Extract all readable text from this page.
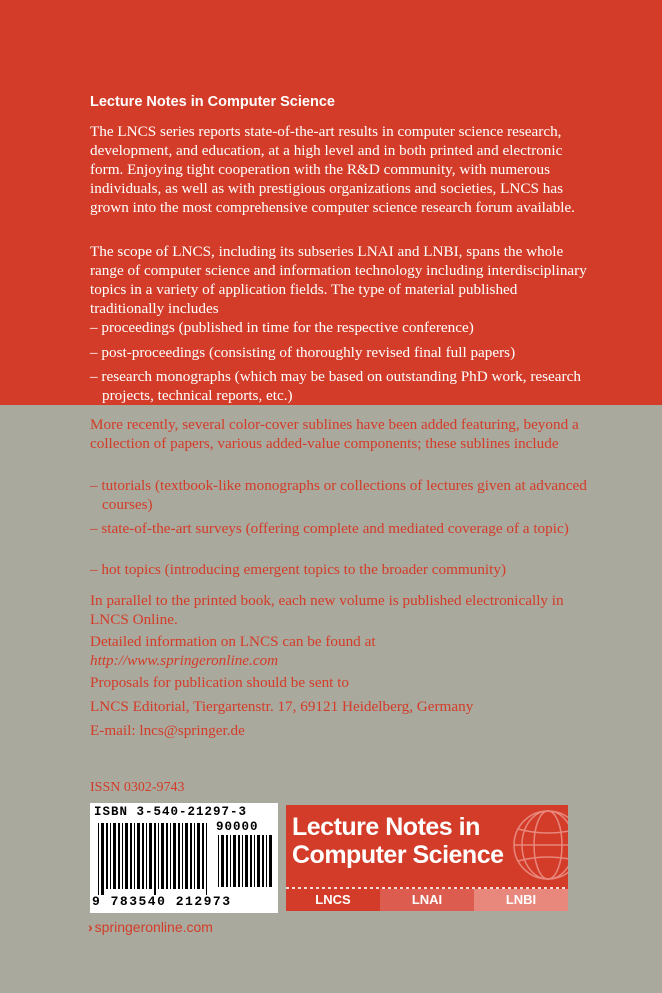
Lecture Notes in Computer Science

The LNCS series reports state-of-the-art results in computer science research, development, and education, at a high level and in both printed and electronic form. Enjoying tight cooperation with the R&D community, with numerous individuals, as well as with prestigious organizations and societies, LNCS has grown into the most comprehensive computer science research forum available.

The scope of LNCS, including its subseries LNAI and LNBI, spans the whole range of computer science and information technology including interdisciplinary topics in a variety of application fields. The type of material published traditionally includes

– proceedings (published in time for the respective conference)

– post-proceedings (consisting of thoroughly revised final full papers)

– research monographs (which may be based on outstanding PhD work, research projects, technical reports, etc.)

More recently, several color-cover sublines have been added featuring, beyond a collection of papers, various added-value components; these sublines include

– tutorials (textbook-like monographs or collections of lectures given at advanced courses)

– state-of-the-art surveys (offering complete and mediated coverage of a topic)

– hot topics (introducing emergent topics to the broader community)

In parallel to the printed book, each new volume is published electronically in LNCS Online.

Detailed information on LNCS can be found at
http://www.springeronline.com

Proposals for publication should be sent to

LNCS Editorial, Tiergartenstr. 17, 69121 Heidelberg, Germany

E-mail: lncs@springer.de

ISSN 0302-9743
ISBN 3-540-21297-3
90000
9 783540 212973
Lecture Notes in
Computer Science
LNCS	LNAI	LNBI
› springeronline.com
